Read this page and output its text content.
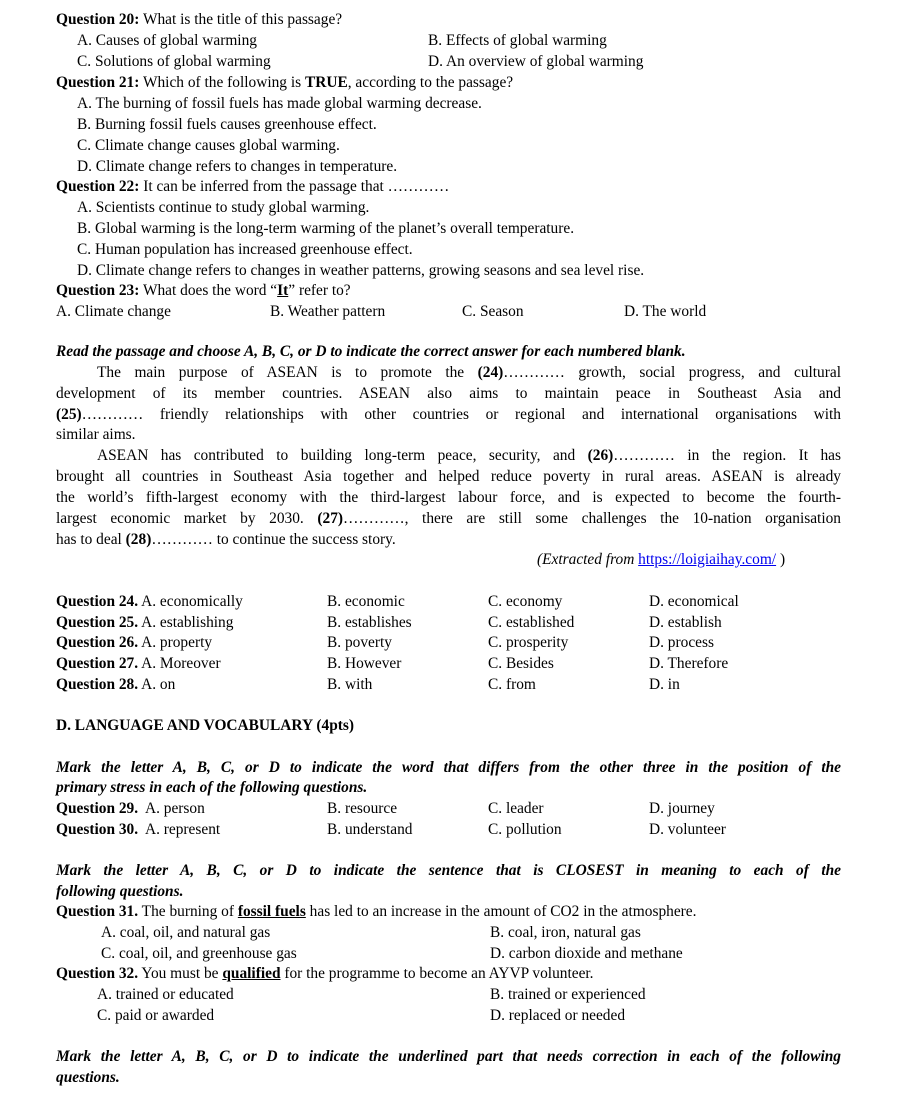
Question 20: What is the title of this passage?
A. Causes of global warming	B. Effects of global warming
C. Solutions of global warming	D. An overview of global warming
Question 21: Which of the following is TRUE, according to the passage?
A. The burning of fossil fuels has made global warming decrease.
B. Burning fossil fuels causes greenhouse effect.
C. Climate change causes global warming.
D. Climate change refers to changes in temperature.
Question 22: It can be inferred from the passage that …………
A. Scientists continue to study global warming.
B. Global warming is the long-term warming of the planet’s overall temperature.
C. Human population has increased greenhouse effect.
D. Climate change refers to changes in weather patterns, growing seasons and sea level rise.
Question 23: What does the word “It” refer to?
A. Climate change	B. Weather pattern	C. Season	D. The world
Read the passage and choose A, B, C, or D to indicate the correct answer for each numbered blank.
The main purpose of ASEAN is to promote the (24)………… growth, social progress, and cultural
development of its member countries. ASEAN also aims to maintain peace in Southeast Asia and
(25)………… friendly relationships with other countries or regional and international organisations with
similar aims.
ASEAN has contributed to building long-term peace, security, and (26)………… in the region. It has
brought all countries in Southeast Asia together and helped reduce poverty in rural areas. ASEAN is already
the world’s fifth-largest economy with the third-largest labour force, and is expected to become the fourth-
largest economic market by 2030. (27)…………, there are still some challenges the 10-nation organisation
has to deal (28)………… to continue the success story.
(Extracted from https://loigiaihay.com/ )
Question 24. A. economically	B. economic	C. economy	D. economical
Question 25. A. establishing	B. establishes	C. established	D. establish
Question 26. A. property	B. poverty	C. prosperity	D. process
Question 27. A. Moreover	B. However	C. Besides	D. Therefore
Question 28. A. on	B. with	C. from	D. in
D. LANGUAGE AND VOCABULARY (4pts)
Mark the letter A, B, C, or D to indicate the word that differs from the other three in the position of the
primary stress in each of the following questions.
Question 29. A. person	B. resource	C. leader	D. journey
Question 30. A. represent	B. understand	C. pollution	D. volunteer
Mark the letter A, B, C, or D to indicate the sentence that is CLOSEST in meaning to each of the
following questions.
Question 31. The burning of fossil fuels has led to an increase in the amount of CO2 in the atmosphere.
A. coal, oil, and natural gas	B. coal, iron, natural gas
C. coal, oil, and greenhouse gas	D. carbon dioxide and methane
Question 32. You must be qualified for the programme to become an AYVP volunteer.
A. trained or educated	B. trained or experienced
C. paid or awarded	D. replaced or needed
Mark the letter A, B, C, or D to indicate the underlined part that needs correction in each of the following
questions.
